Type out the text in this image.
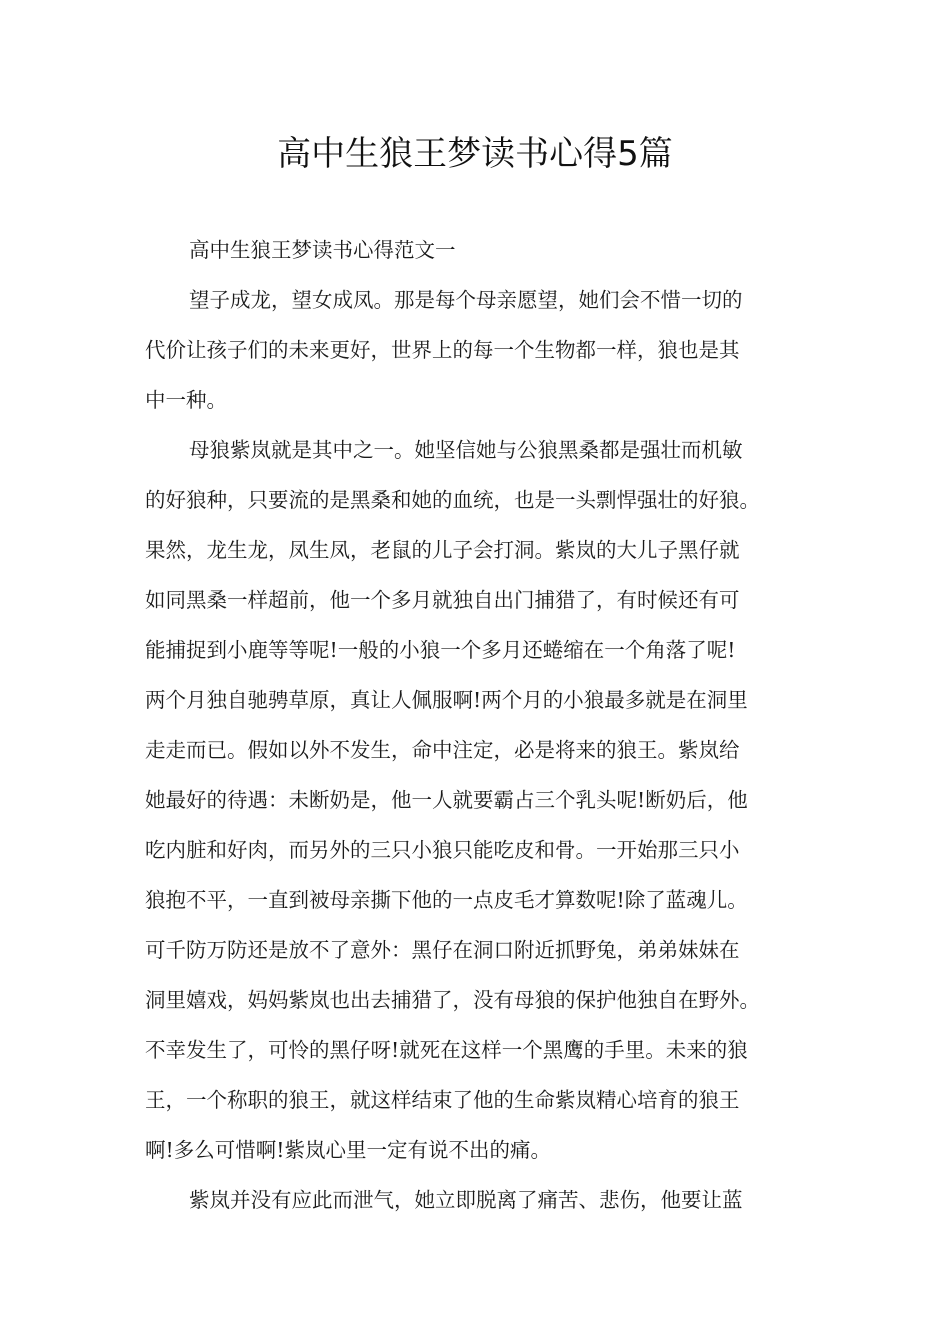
高中生狼王梦读书心得5篇
高中生狼王梦读书心得范文一
望子成龙，望女成凤。那是每个母亲愿望，她们会不惜一切的
代价让孩子们的未来更好，世界上的每一个生物都一样，狼也是其
中一种。
母狼紫岚就是其中之一。她坚信她与公狼黑桑都是强壮而机敏
的好狼种，只要流的是黑桑和她的血统，也是一头剽悍强壮的好狼。
果然，龙生龙，凤生凤，老鼠的儿子会打洞。紫岚的大儿子黑仔就
如同黑桑一样超前，他一个多月就独自出门捕猎了，有时候还有可
能捕捉到小鹿等等呢!一般的小狼一个多月还蜷缩在一个角落了呢!
两个月独自驰骋草原，真让人佩服啊!两个月的小狼最多就是在洞里
走走而已。假如以外不发生，命中注定，必是将来的狼王。紫岚给
她最好的待遇：未断奶是，他一人就要霸占三个乳头呢!断奶后，他
吃内脏和好肉，而另外的三只小狼只能吃皮和骨。一开始那三只小
狼抱不平，一直到被母亲撕下他的一点皮毛才算数呢!除了蓝魂儿。
可千防万防还是放不了意外：黑仔在洞口附近抓野兔，弟弟妹妹在
洞里嬉戏，妈妈紫岚也出去捕猎了，没有母狼的保护他独自在野外。
不幸发生了，可怜的黑仔呀!就死在这样一个黑鹰的手里。未来的狼
王，一个称职的狼王，就这样结束了他的生命紫岚精心培育的狼王
啊!多么可惜啊!紫岚心里一定有说不出的痛。
紫岚并没有应此而泄气，她立即脱离了痛苦、悲伤，他要让蓝
